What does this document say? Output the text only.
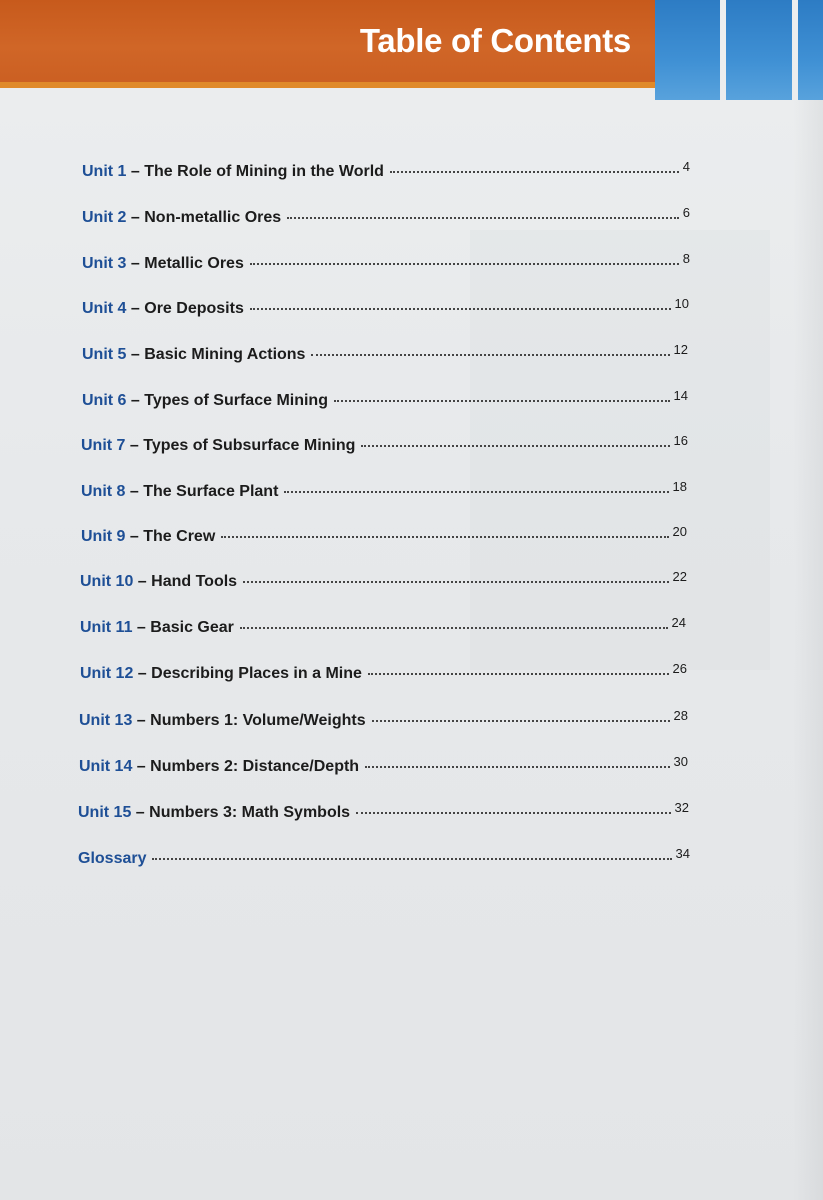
Table of Contents
Unit 1 – The Role of Mining in the World	4
Unit 2 – Non-metallic Ores	6
Unit 3 – Metallic Ores	8
Unit 4 – Ore Deposits	10
Unit 5 – Basic Mining Actions	12
Unit 6 – Types of Surface Mining	14
Unit 7 – Types of Subsurface Mining	16
Unit 8 – The Surface Plant	18
Unit 9 – The Crew	20
Unit 10 – Hand Tools	22
Unit 11 – Basic Gear	24
Unit 12 – Describing Places in a Mine	26
Unit 13 – Numbers 1: Volume/Weights	28
Unit 14 – Numbers 2: Distance/Depth	30
Unit 15 – Numbers 3: Math Symbols	32
Glossary	34
